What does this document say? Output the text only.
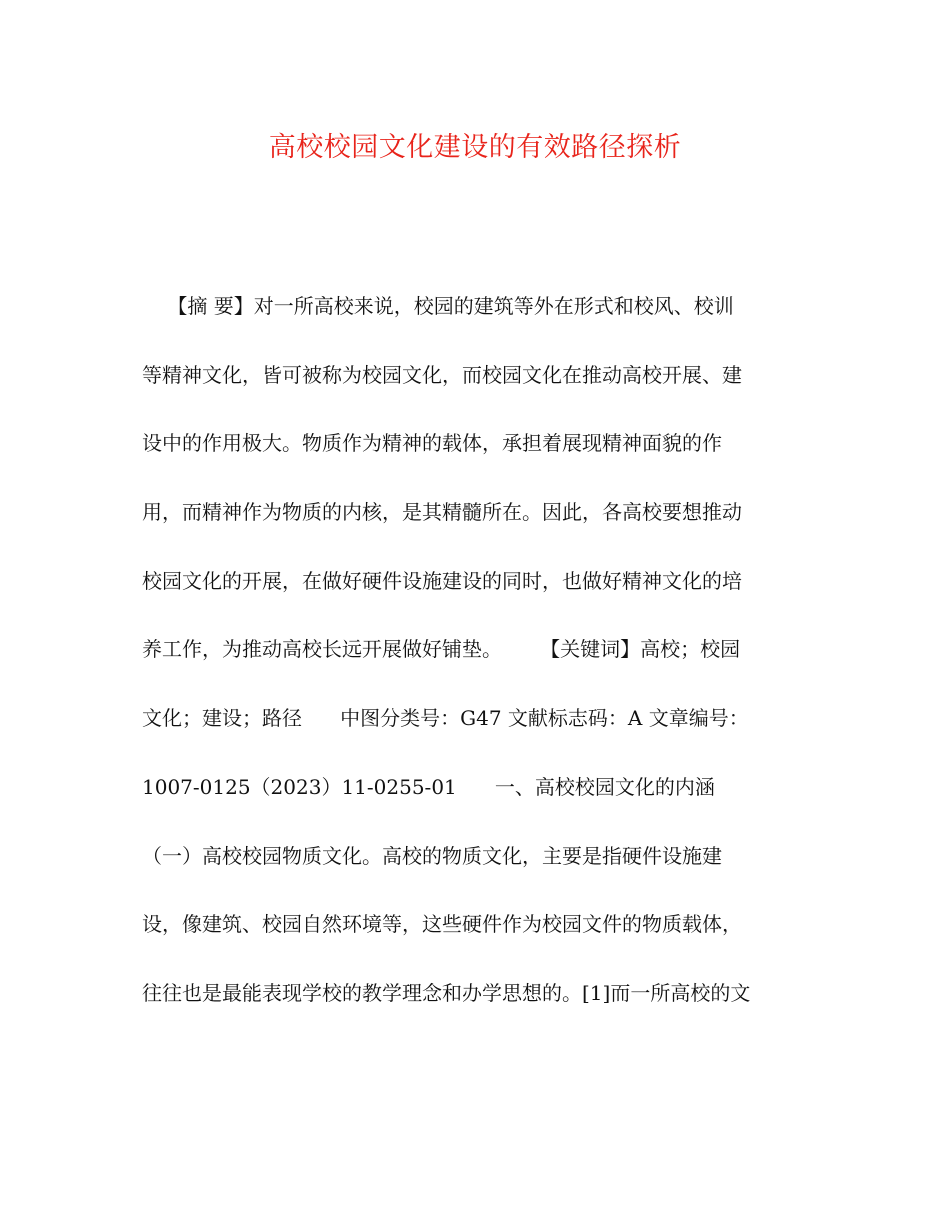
高校校园文化建设的有效路径探析
【摘 要】对一所高校来说，校园的建筑等外在形式和校风、校训
等精神文化，皆可被称为校园文化，而校园文化在推动高校开展、建
设中的作用极大。物质作为精神的载体，承担着展现精神面貌的作
用，而精神作为物质的内核，是其精髓所在。因此，各高校要想推动
校园文化的开展，在做好硬件设施建设的同时，也做好精神文化的培
养工作，为推动高校长远开展做好铺垫。      【关键词】高校；校园
文化；建设；路径      中图分类号：G47 文献标志码：A 文章编号：
1007-0125（2023）11-0255-01      一、高校校园文化的内涵
（一）高校校园物质文化。高校的物质文化，主要是指硬件设施建
设，像建筑、校园自然环境等，这些硬件作为校园文件的物质载体，
往往也是最能表现学校的教学理念和办学思想的。[1]而一所高校的文
